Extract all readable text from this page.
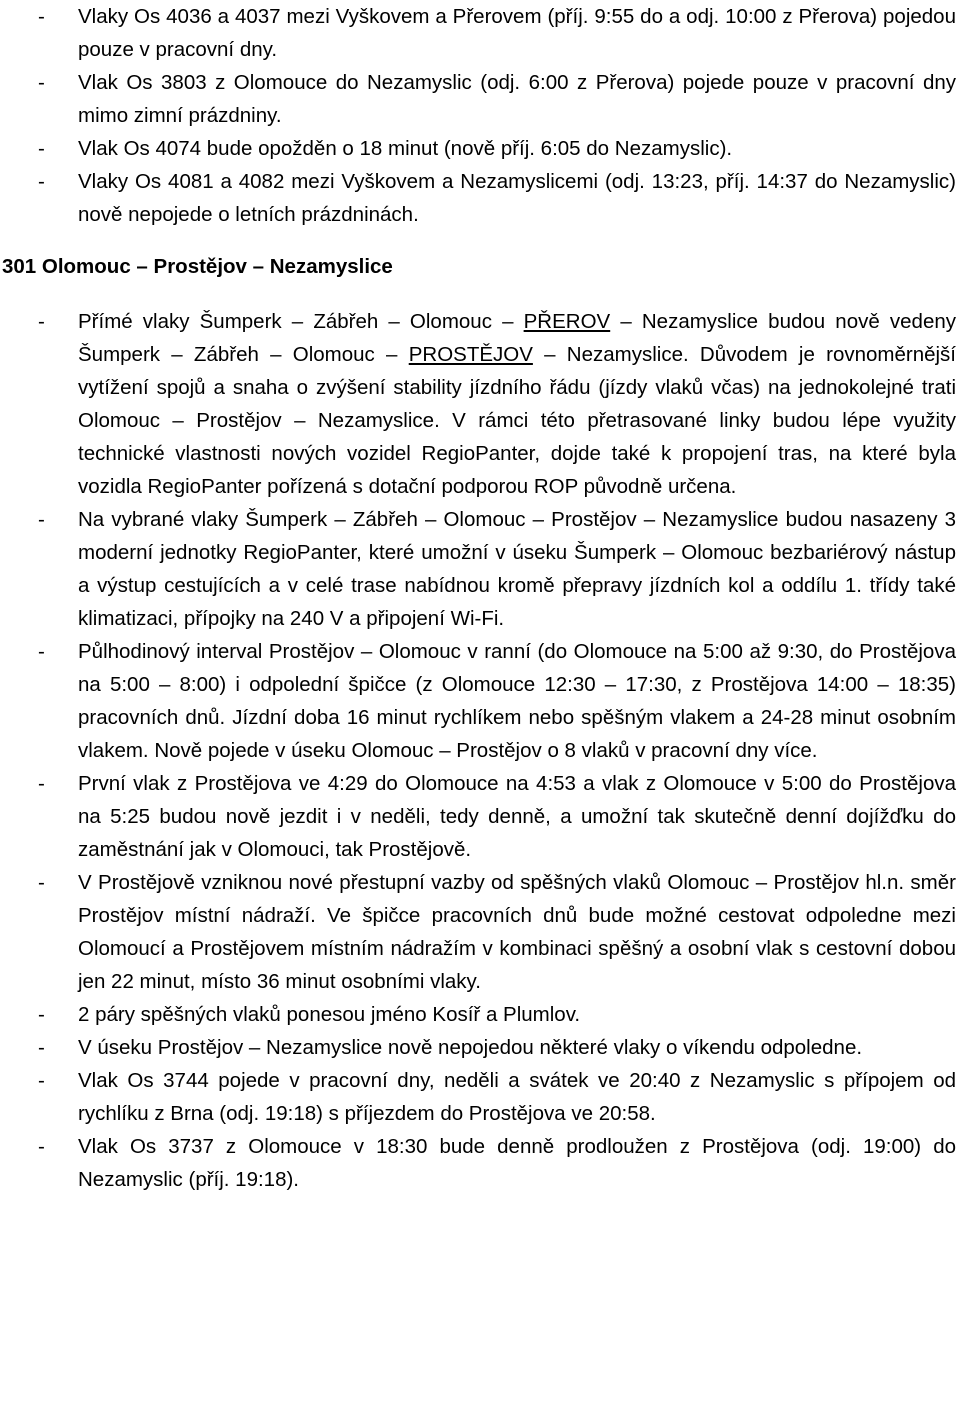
- Vlaky Os 4036 a 4037 mezi Vyškovem a Přerovem (příj. 9:55 do a odj. 10:00 z Přerova) pojedou pouze v pracovní dny.

- Vlak Os 3803 z Olomouce do Nezamyslic (odj. 6:00 z Přerova) pojede pouze v pracovní dny mimo zimní prázdniny.

- Vlak Os 4074 bude opožděn o 18 minut (nově příj. 6:05 do Nezamyslic).

- Vlaky Os 4081 a 4082 mezi Vyškovem a Nezamyslicemi (odj. 13:23, příj. 14:37 do Nezamyslic) nově nepojede o letních prázdninách.

301 Olomouc – Prostějov – Nezamyslice

- Přímé vlaky Šumperk – Zábřeh – Olomouc – PŘEROV – Nezamyslice budou nově vedeny Šumperk – Zábřeh – Olomouc – PROSTĚJOV – Nezamyslice. Důvodem je rovnoměrnější vytížení spojů a snaha o zvýšení stability jízdního řádu (jízdy vlaků včas) na jednokolejné trati Olomouc – Prostějov – Nezamyslice. V rámci této přetrasované linky budou lépe využity technické vlastnosti nových vozidel RegioPanter, dojde také k propojení tras, na které byla vozidla RegioPanter pořízená s dotační podporou ROP původně určena.

- Na vybrané vlaky Šumperk – Zábřeh – Olomouc – Prostějov – Nezamyslice budou nasazeny 3 moderní jednotky RegioPanter, které umožní v úseku Šumperk – Olomouc bezbariérový nástup a výstup cestujících a v celé trase nabídnou kromě přepravy jízdních kol a oddílu 1. třídy také klimatizaci, přípojky na 240 V a připojení Wi-Fi.

- Půlhodinový interval Prostějov – Olomouc v ranní (do Olomouce na 5:00 až 9:30, do Prostějova na 5:00 – 8:00) i odpolední špičce (z Olomouce 12:30 – 17:30, z Prostějova 14:00 – 18:35) pracovních dnů. Jízdní doba 16 minut rychlíkem nebo spěšným vlakem a 24-28 minut osobním vlakem. Nově pojede v úseku Olomouc – Prostějov o 8 vlaků v pracovní dny více.

- První vlak z Prostějova ve 4:29 do Olomouce na 4:53 a vlak z Olomouce v 5:00 do Prostějova na 5:25 budou nově jezdit i v neděli, tedy denně, a umožní tak skutečně denní dojížďku do zaměstnání jak v Olomouci, tak Prostějově.

- V Prostějově vzniknou nové přestupní vazby od spěšných vlaků Olomouc – Prostějov hl.n. směr Prostějov místní nádraží. Ve špičce pracovních dnů bude možné cestovat odpoledne mezi Olomoucí a Prostějovem místním nádražím v kombinaci spěšný a osobní vlak s cestovní dobou jen 22 minut, místo 36 minut osobními vlaky.

- 2 páry spěšných vlaků ponesou jméno Kosíř a Plumlov.

- V úseku Prostějov – Nezamyslice nově nepojedou některé vlaky o víkendu odpoledne.

- Vlak Os 3744 pojede v pracovní dny, neděli a svátek ve 20:40 z Nezamyslic s přípojem od rychlíku z Brna (odj. 19:18) s příjezdem do Prostějova ve 20:58.

- Vlak Os 3737 z Olomouce v 18:30 bude denně prodloužen z Prostějova (odj. 19:00) do Nezamyslic (příj. 19:18).
